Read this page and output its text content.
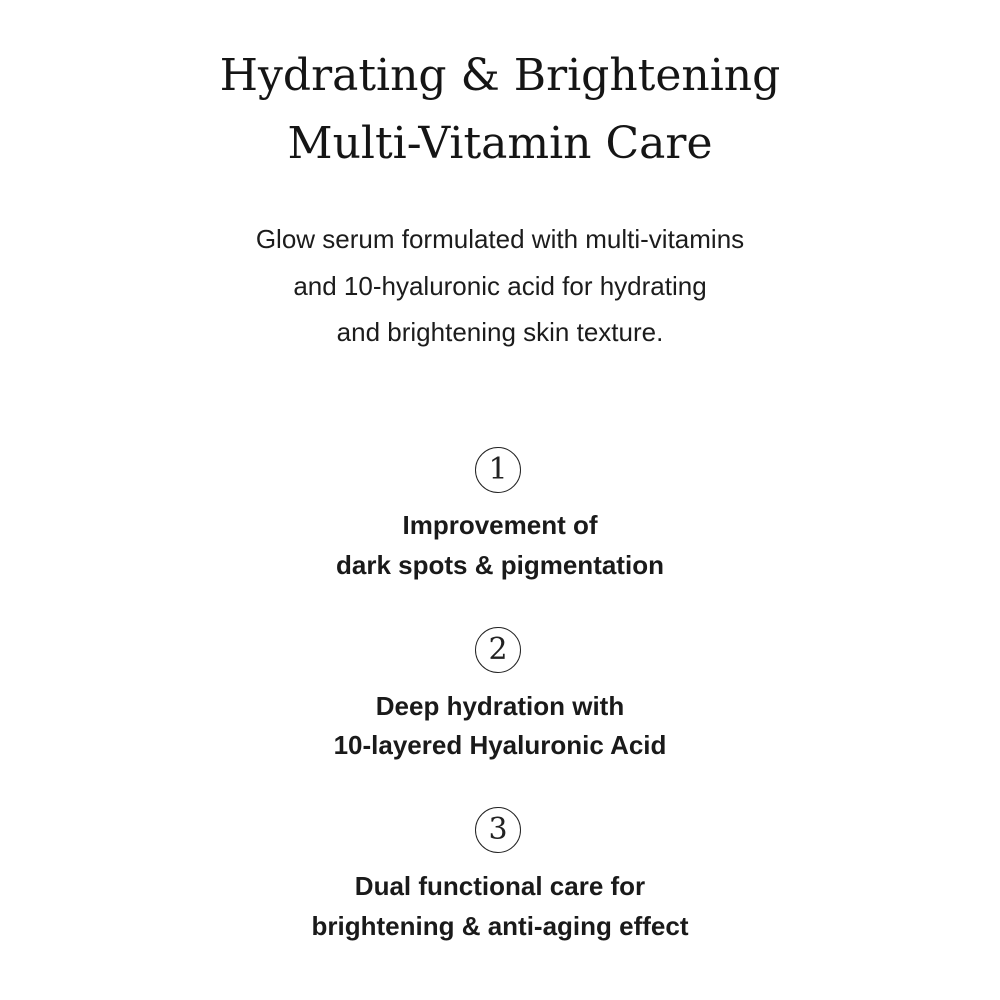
Hydrating & Brightening
Multi-Vitamin Care

Glow serum formulated with multi-vitamins

and 10-hyaluronic acid for hydrating

and brightening skin texture.

1

Improvement of

dark spots & pigmentation

2

Deep hydration with

10-layered Hyaluronic Acid

3

Dual functional care for

brightening & anti-aging effect
